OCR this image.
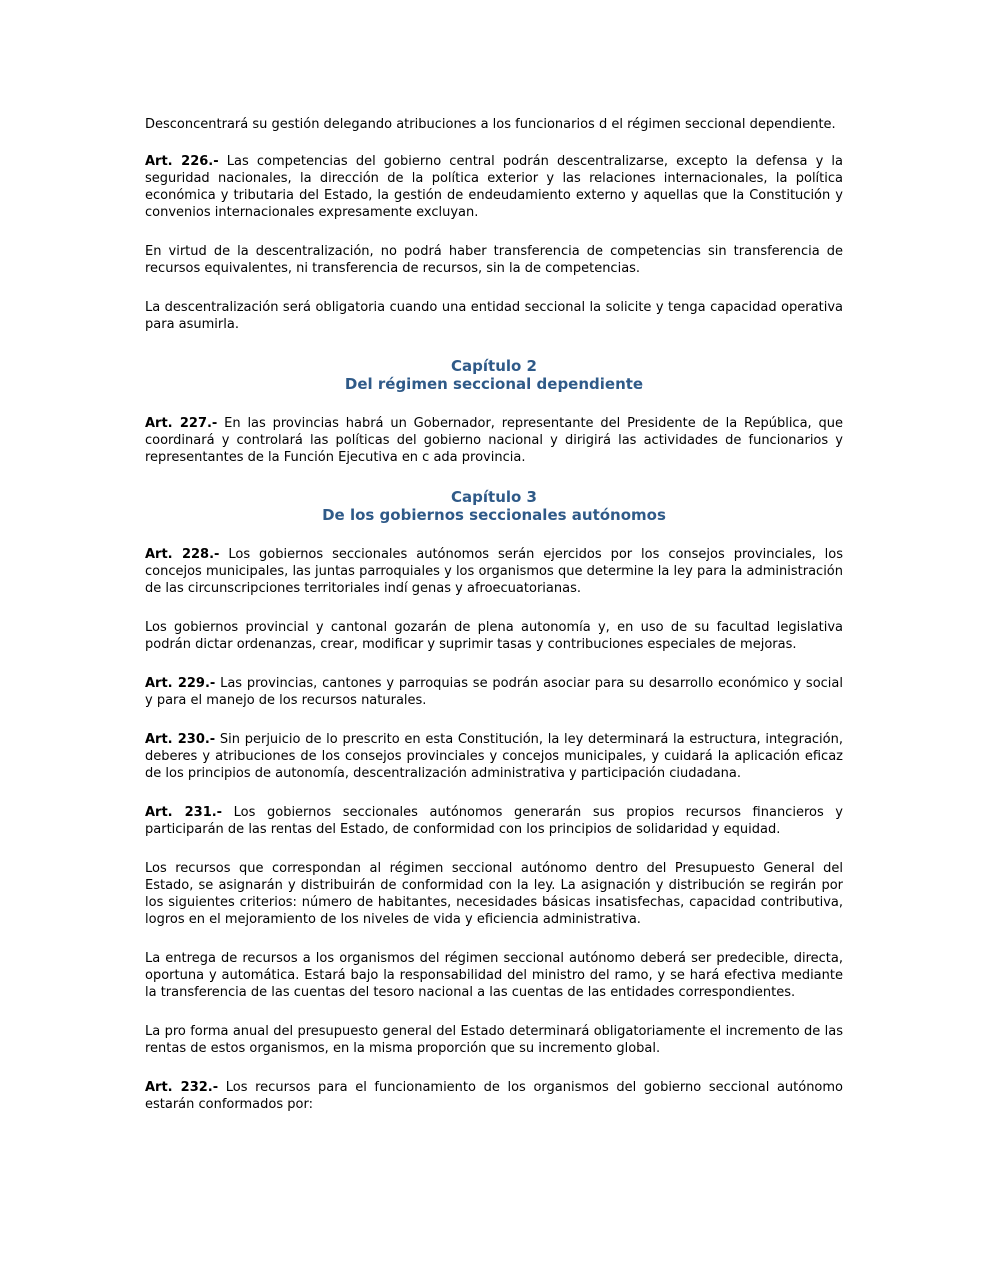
Desconcentrará su gestión delegando atribuciones a los funcionarios d el régimen seccional dependiente.

Art. 226.- Las competencias del gobierno central podrán descentralizarse, excepto la defensa y la seguridad nacionales, la dirección de la política exterior y las relaciones internacionales, la política económica y tributaria del Estado, la gestión de endeudamiento externo y aquellas que la Constitución y convenios internacionales expresamente excluyan.

En virtud de la descentralización, no podrá haber transferencia de competencias sin transferencia de recursos equivalentes, ni transferencia de recursos, sin la de competencias.

La descentralización será obligatoria cuando una entidad seccional la solicite y tenga capacidad operativa para asumirla.

Capítulo 2
Del régimen seccional dependiente

Art. 227.- En las provincias habrá un Gobernador, representante del Presidente de la República, que coordinará y controlará las políticas del gobierno nacional y dirigirá las actividades de funcionarios y representantes de la Función Ejecutiva en c ada provincia.

Capítulo 3
De los gobiernos seccionales autónomos

Art. 228.- Los gobiernos seccionales autónomos serán ejercidos por los consejos provinciales, los concejos municipales, las juntas parroquiales y los organismos que determine la ley para la administración de las circunscripciones territoriales indí genas y afroecuatorianas.

Los gobiernos provincial y cantonal gozarán de plena autonomía y, en uso de su facultad legislativa podrán dictar ordenanzas, crear, modificar y suprimir tasas y contribuciones especiales de mejoras.

Art. 229.- Las provincias, cantones y parroquias se podrán asociar para su desarrollo económico y social y para el manejo de los recursos naturales.

Art. 230.- Sin perjuicio de lo prescrito en esta Constitución, la ley determinará la estructura, integración, deberes y atribuciones de los consejos provinciales y concejos municipales, y cuidará la aplicación eficaz de los principios de autonomía, descentralización administrativa y participación ciudadana.

Art. 231.- Los gobiernos seccionales autónomos generarán sus propios recursos financieros y participarán de las rentas del Estado, de conformidad con los principios de solidaridad y equidad.

Los recursos que correspondan al régimen seccional autónomo dentro del Presupuesto General del Estado, se asignarán y distribuirán de conformidad con la ley. La asignación y distribución se regirán por los siguientes criterios: número de habitantes, necesidades básicas insatisfechas, capacidad contributiva, logros en el mejoramiento de los niveles de vida y eficiencia administrativa.

La entrega de recursos a los organismos del régimen seccional autónomo deberá ser predecible, directa, oportuna y automática. Estará bajo la responsabilidad del ministro del ramo, y se hará efectiva mediante la transferencia de las cuentas del tesoro nacional a las cuentas de las entidades correspondientes.

La pro forma anual del presupuesto general del Estado determinará obligatoriamente el incremento de las rentas de estos organismos, en la misma proporción que su incremento global.

Art. 232.- Los recursos para el funcionamiento de los organismos del gobierno seccional autónomo estarán conformados por:
